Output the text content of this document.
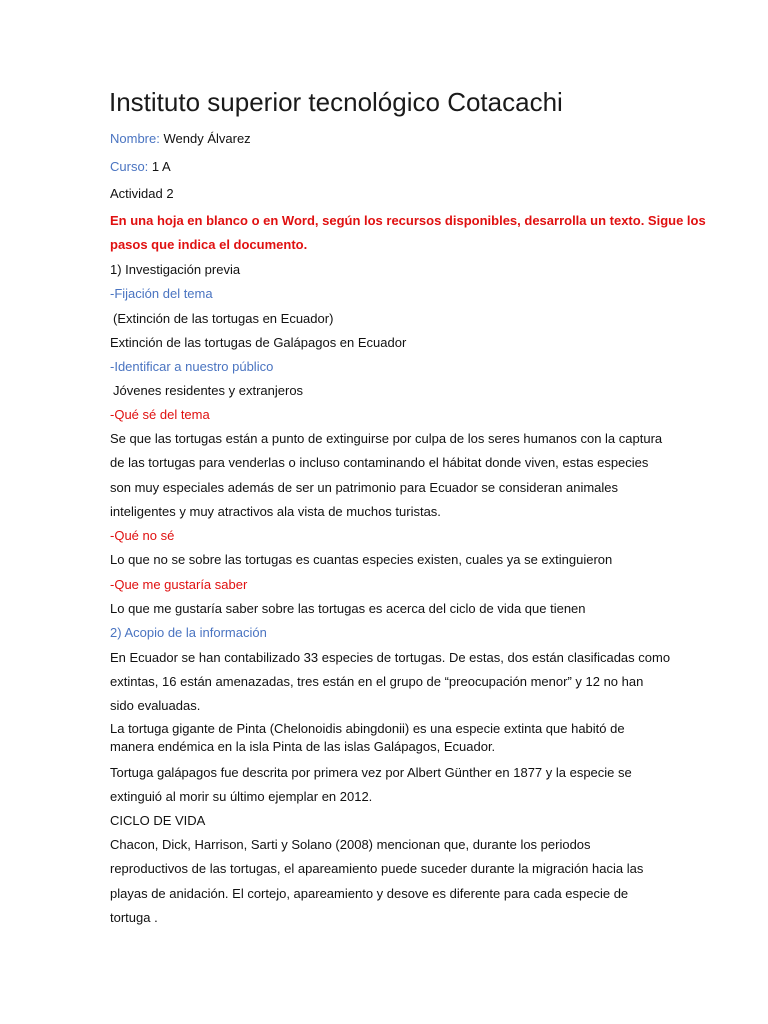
Instituto superior tecnológico Cotacachi
Nombre: Wendy Álvarez
Curso: 1 A
Actividad 2
En una hoja en blanco o en Word, según los recursos disponibles, desarrolla un texto. Sigue los
pasos que indica el documento.
1) Investigación previa
-Fijación del tema
(Extinción de las tortugas en Ecuador)
Extinción de las tortugas de Galápagos en Ecuador
-Identificar a nuestro público
Jóvenes residentes y extranjeros
-Qué sé del tema
Se que las tortugas están a punto de extinguirse por culpa de los seres humanos con la captura
de las tortugas para venderlas o incluso contaminando el hábitat donde viven, estas especies
son muy especiales además de ser un patrimonio para Ecuador se consideran animales
inteligentes y muy atractivos ala vista de muchos turistas.
-Qué no sé
Lo que no se sobre las tortugas es cuantas especies existen, cuales ya se extinguieron
-Que me gustaría saber
Lo que me gustaría saber sobre las tortugas es acerca del ciclo de vida que tienen
2) Acopio de la información
En Ecuador se han contabilizado 33 especies de tortugas. De estas, dos están clasificadas como
extintas, 16 están amenazadas, tres están en el grupo de “preocupación menor” y 12 no han
sido evaluadas.
La tortuga gigante de Pinta (Chelonoidis abingdonii) es una especie extinta que habitó de
manera endémica en la isla Pinta de las islas Galápagos, Ecuador.
Tortuga galápagos fue descrita por primera vez por Albert Günther en 1877 y la especie se
extinguió al morir su último ejemplar en 2012.
CICLO DE VIDA
Chacon, Dick, Harrison, Sarti y Solano (2008) mencionan que, durante los periodos
reproductivos de las tortugas, el apareamiento puede suceder durante la migración hacia las
playas de anidación. El cortejo, apareamiento y desove es diferente para cada especie de
tortuga .
